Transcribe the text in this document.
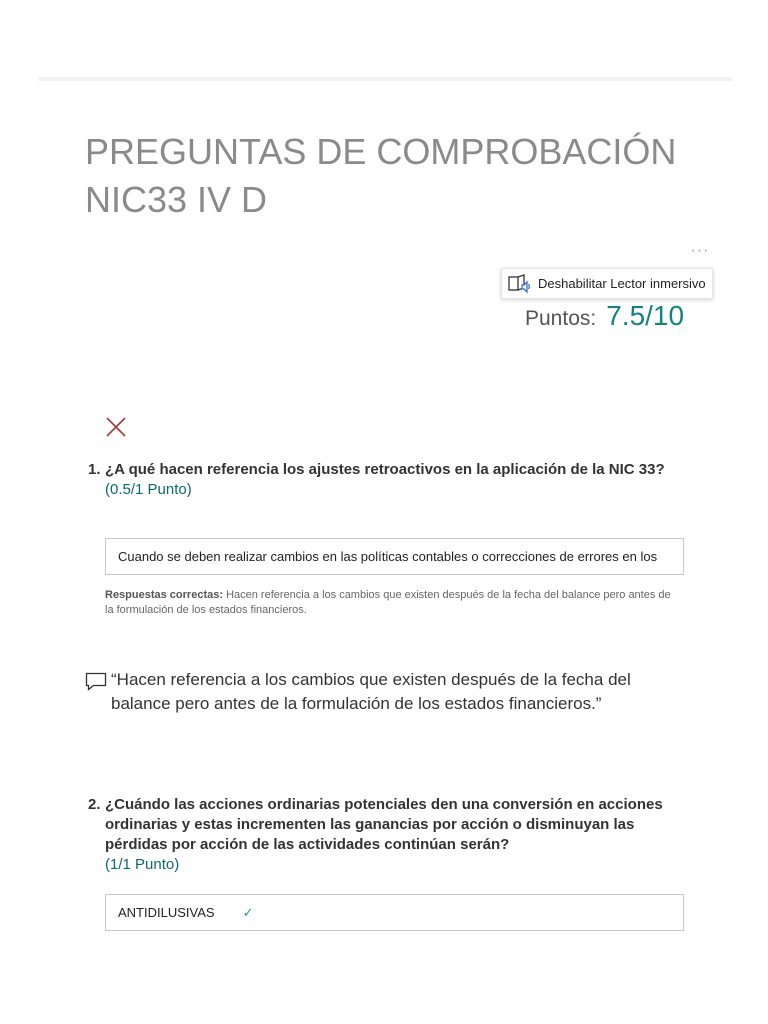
PREGUNTAS DE COMPROBACIÓN NIC33 IV D
···
Deshabilitar Lector inmersivo
Puntos: 7.5/10
1. ¿A qué hacen referencia los ajustes retroactivos en la aplicación de la NIC 33?
(0.5/1 Punto)
Cuando se deben realizar cambios en las políticas contables o correcciones de errores en los
Respuestas correctas: Hacen referencia a los cambios que existen después de la fecha del balance pero antes de la formulación de los estados financieros.
“Hacen referencia a los cambios que existen después de la fecha del balance pero antes de la formulación de los estados financieros.”
2. ¿Cuándo las acciones ordinarias potenciales den una conversión en acciones ordinarias y estas incrementen las ganancias por acción o disminuyan las pérdidas por acción de las actividades continúan serán?
(1/1 Punto)
ANTIDILUSIVAS ✓
